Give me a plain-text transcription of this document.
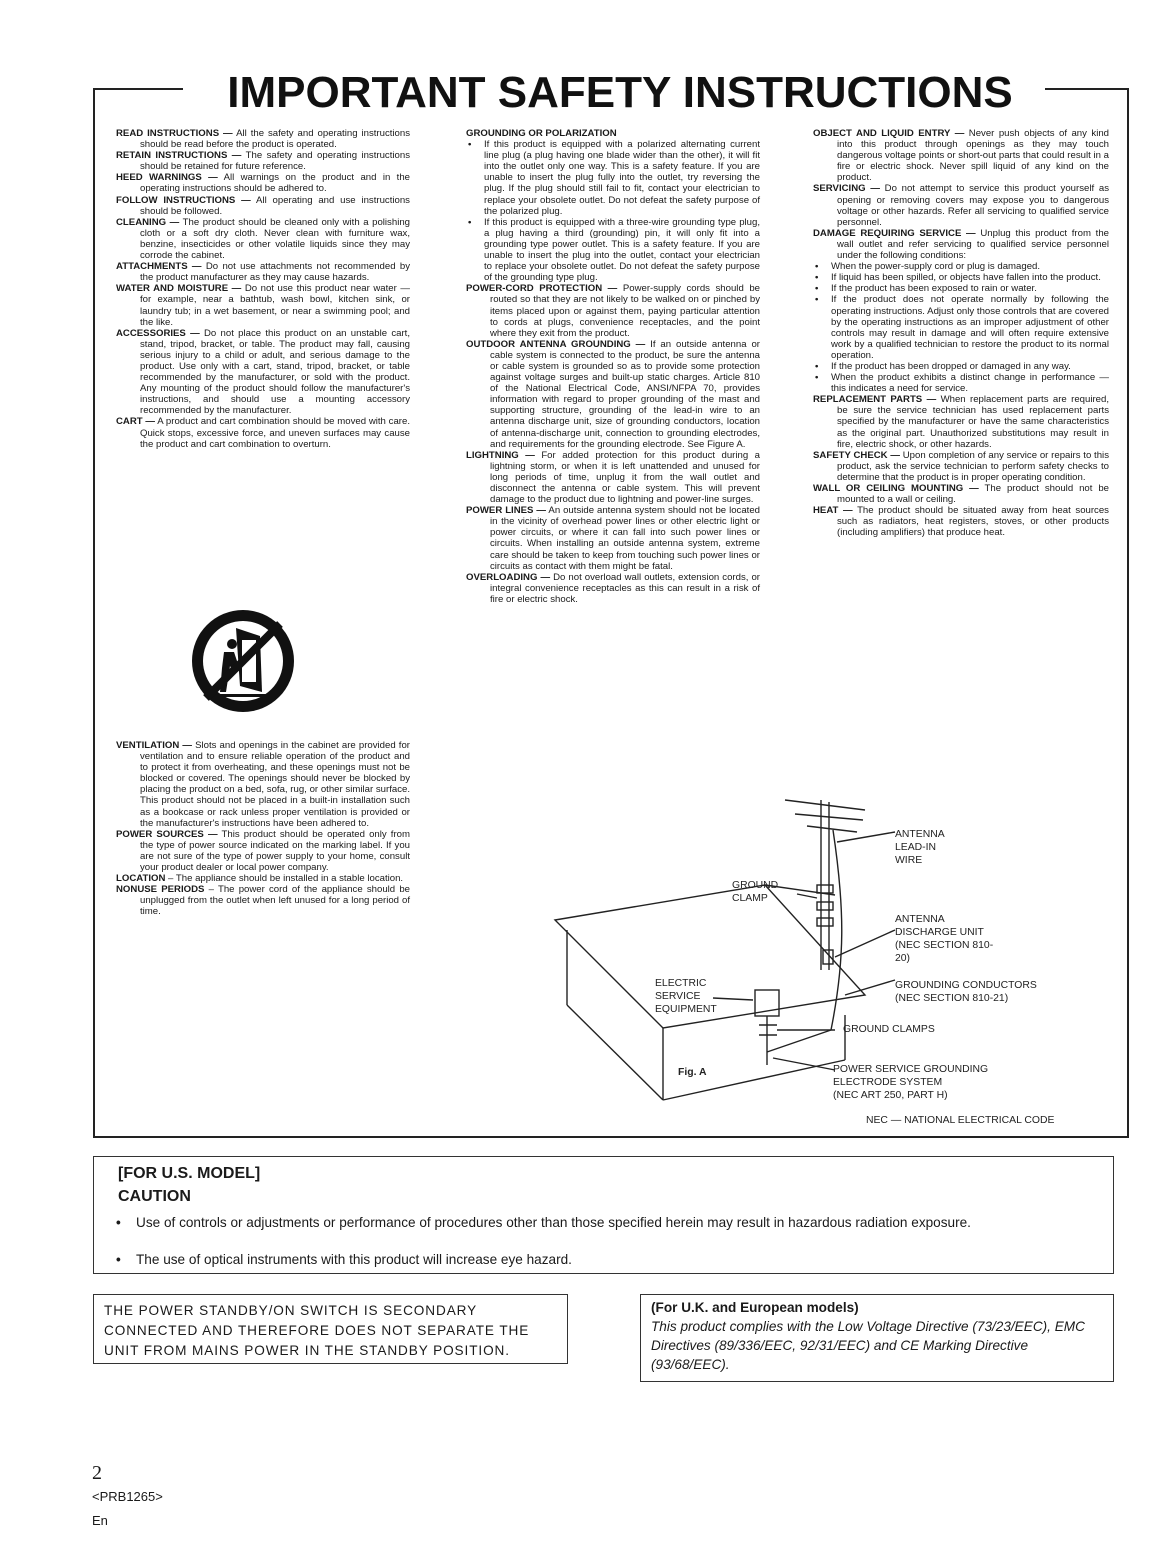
IMPORTANT SAFETY INSTRUCTIONS

READ INSTRUCTIONS — All the safety and operating instructions should be read before the product is operated.

RETAIN INSTRUCTIONS — The safety and operating instructions should be retained for future reference.

HEED WARNINGS — All warnings on the product and in the operating instructions should be adhered to.

FOLLOW INSTRUCTIONS — All operating and use instructions should be followed.

CLEANING — The product should be cleaned only with a polishing cloth or a soft dry cloth. Never clean with furniture wax, benzine, insecticides or other volatile liquids since they may corrode the cabinet.

ATTACHMENTS — Do not use attachments not recommended by the product manufacturer as they may cause hazards.

WATER AND MOISTURE — Do not use this product near water — for example, near a bathtub, wash bowl, kitchen sink, or laundry tub; in a wet basement, or near a swimming pool; and the like.

ACCESSORIES — Do not place this product on an unstable cart, stand, tripod, bracket, or table. The product may fall, causing serious injury to a child or adult, and serious damage to the product. Use only with a cart, stand, tripod, bracket, or table recommended by the manufacturer, or sold with the product. Any mounting of the product should follow the manufacturer's instructions, and should use a mounting accessory recommended by the manufacturer.

CART — A product and cart combination should be moved with care. Quick stops, excessive force, and uneven surfaces may cause the product and cart combination to overturn.

VENTILATION — Slots and openings in the cabinet are provided for ventilation and to ensure reliable operation of the product and to protect it from overheating, and these openings must not be blocked or covered. The openings should never be blocked by placing the product on a bed, sofa, rug, or other similar surface. This product should not be placed in a built-in installation such as a bookcase or rack unless proper ventilation is provided or the manufacturer's instructions have been adhered to.

POWER SOURCES — This product should be operated only from the type of power source indicated on the marking label. If you are not sure of the type of power supply to your home, consult your product dealer or local power company.

LOCATION – The appliance should be installed in a stable location.

NONUSE PERIODS – The power cord of the appliance should be unplugged from the outlet when left unused for a long period of time.

GROUNDING OR POLARIZATION

• If this product is equipped with a polarized alternating current line plug (a plug having one blade wider than the other), it will fit into the outlet only one way. This is a safety feature. If you are unable to insert the plug fully into the outlet, try reversing the plug. If the plug should still fail to fit, contact your electrician to replace your obsolete outlet. Do not defeat the safety purpose of the polarized plug.

• If this product is equipped with a three-wire grounding type plug, a plug having a third (grounding) pin, it will only fit into a grounding type power outlet. This is a safety feature. If you are unable to insert the plug into the outlet, contact your electrician to replace your obsolete outlet. Do not defeat the safety purpose of the grounding type plug.

POWER-CORD PROTECTION — Power-supply cords should be routed so that they are not likely to be walked on or pinched by items placed upon or against them, paying particular attention to cords at plugs, convenience receptacles, and the point where they exit from the product.

OUTDOOR ANTENNA GROUNDING — If an outside antenna or cable system is connected to the product, be sure the antenna or cable system is grounded so as to provide some protection against voltage surges and built-up static charges. Article 810 of the National Electrical Code, ANSI/NFPA 70, provides information with regard to proper grounding of the mast and supporting structure, grounding of the lead-in wire to an antenna discharge unit, size of grounding conductors, location of antenna-discharge unit, connection to grounding electrodes, and requirements for the grounding electrode. See Figure A.

LIGHTNING — For added protection for this product during a lightning storm, or when it is left unattended and unused for long periods of time, unplug it from the wall outlet and disconnect the antenna or cable system. This will prevent damage to the product due to lightning and power-line surges.

POWER LINES — An outside antenna system should not be located in the vicinity of overhead power lines or other electric light or power circuits, or where it can fall into such power lines or circuits. When installing an outside antenna system, extreme care should be taken to keep from touching such power lines or circuits as contact with them might be fatal.

OVERLOADING — Do not overload wall outlets, extension cords, or integral convenience receptacles as this can result in a risk of fire or electric shock.

OBJECT AND LIQUID ENTRY — Never push objects of any kind into this product through openings as they may touch dangerous voltage points or short-out parts that could result in a fire or electric shock. Never spill liquid of any kind on the product.

SERVICING — Do not attempt to service this product yourself as opening or removing covers may expose you to dangerous voltage or other hazards. Refer all servicing to qualified service personnel.

DAMAGE REQUIRING SERVICE — Unplug this product from the wall outlet and refer servicing to qualified service personnel under the following conditions:

• When the power-supply cord or plug is damaged.

• If liquid has been spilled, or objects have fallen into the product.

• If the product has been exposed to rain or water.

• If the product does not operate normally by following the operating instructions. Adjust only those controls that are covered by the operating instructions as an improper adjustment of other controls may result in damage and will often require extensive work by a qualified technician to restore the product to its normal operation.

• If the product has been dropped or damaged in any way.

• When the product exhibits a distinct change in performance — this indicates a need for service.

REPLACEMENT PARTS — When replacement parts are required, be sure the service technician has used replacement parts specified by the manufacturer or have the same characteristics as the original part. Unauthorized substitutions may result in fire, electric shock, or other hazards.

SAFETY CHECK — Upon completion of any service or repairs to this product, ask the service technician to perform safety checks to determine that the product is in proper operating condition.

WALL OR CEILING MOUNTING — The product should not be mounted to a wall or ceiling.

HEAT — The product should be situated away from heat sources such as radiators, heat registers, stoves, or other products (including amplifiers) that produce heat.

ANTENNA
LEAD-IN
WIRE
GROUND
CLAMP
ANTENNA
DISCHARGE UNIT
(NEC SECTION 810-
20)
ELECTRIC
SERVICE
EQUIPMENT
GROUNDING CONDUCTORS
(NEC SECTION 810-21)
GROUND CLAMPS
POWER SERVICE GROUNDING
ELECTRODE SYSTEM
(NEC ART 250, PART H)
Fig. A
NEC — NATIONAL ELECTRICAL CODE
[FOR U.S. MODEL]
CAUTION
• Use of controls or adjustments or performance of procedures other than those specified herein may result in hazardous radiation exposure.
• The use of optical instruments with this product will increase eye hazard.
THE POWER STANDBY/ON SWITCH IS SECONDARY CONNECTED AND THEREFORE DOES NOT SEPARATE THE UNIT FROM MAINS POWER IN THE STANDBY POSITION.
(For U.K. and European models)
This product complies with the Low Voltage Directive (73/23/EEC), EMC Directives (89/336/EEC, 92/31/EEC) and CE Marking Directive (93/68/EEC).
2
<PRB1265>
En
